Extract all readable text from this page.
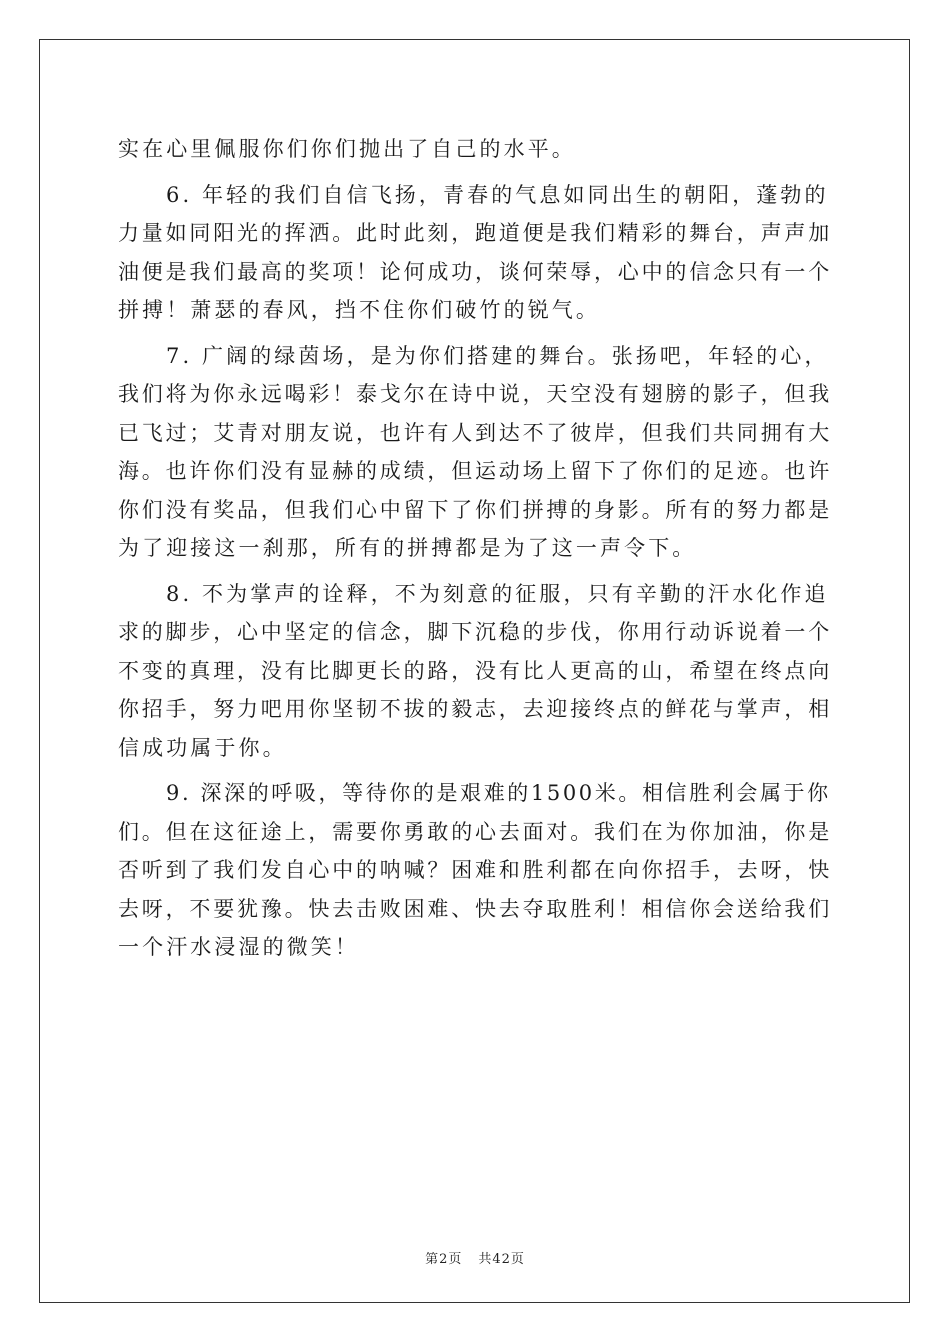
实在心里佩服你们你们抛出了自己的水平。

6. 年轻的我们自信飞扬，青春的气息如同出生的朝阳，蓬勃的
力量如同阳光的挥洒。此时此刻，跑道便是我们精彩的舞台，声声加
油便是我们最高的奖项！论何成功，谈何荣辱，心中的信念只有一个
拼搏！萧瑟的春风，挡不住你们破竹的锐气。

7. 广阔的绿茵场，是为你们搭建的舞台。张扬吧，年轻的心，
我们将为你永远喝彩！泰戈尔在诗中说，天空没有翅膀的影子，但我
已飞过；艾青对朋友说，也许有人到达不了彼岸，但我们共同拥有大
海。也许你们没有显赫的成绩，但运动场上留下了你们的足迹。也许
你们没有奖品，但我们心中留下了你们拼搏的身影。所有的努力都是
为了迎接这一刹那，所有的拼搏都是为了这一声令下。

8. 不为掌声的诠释，不为刻意的征服，只有辛勤的汗水化作追
求的脚步，心中坚定的信念，脚下沉稳的步伐，你用行动诉说着一个
不变的真理，没有比脚更长的路，没有比人更高的山，希望在终点向
你招手，努力吧用你坚韧不拔的毅志，去迎接终点的鲜花与掌声，相
信成功属于你。

9. 深深的呼吸，等待你的是艰难的1500米。相信胜利会属于你
们。但在这征途上，需要你勇敢的心去面对。我们在为你加油，你是
否听到了我们发自心中的呐喊？困难和胜利都在向你招手，去呀，快
去呀，不要犹豫。快去击败困难、快去夺取胜利！相信你会送给我们
一个汗水浸湿的微笑！

第2页 共42页
